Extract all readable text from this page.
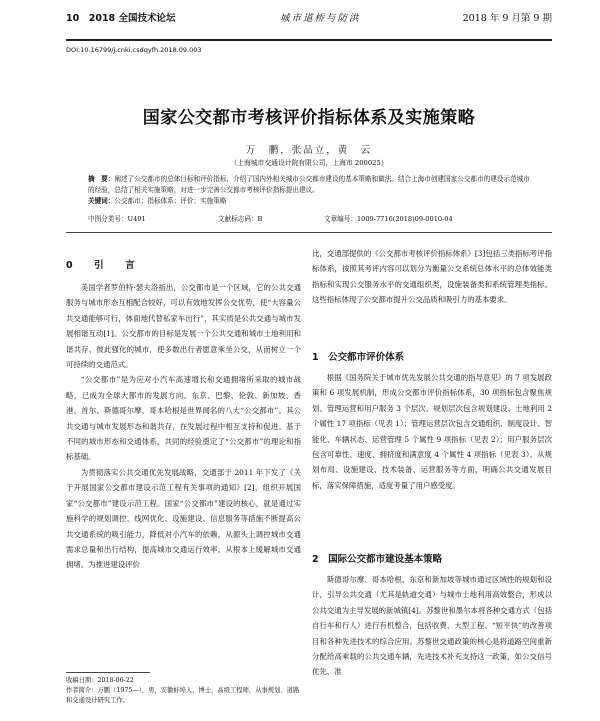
10　2018 全国技术论坛	城市道桥与防洪	2018 年 9 月第 9 期
DOI:10.16799/j.cnki.csdqyfh.2018.09.003
国家公交都市考核评价指标体系及实施策略
万　鹏，张品立，黄　云
（上海城市交通设计院有限公司，上海市 200025）
摘　要：阐述了公交都市的总体目标和评价指标，介绍了国内外相关城市公交都市建设的基本策略和做法。结合上海市创建国家公交都市的建设示范城市的经验，总结了相关实施策略，对进一步完善公交都市考核评价指标提出建议。
关键词：公交都市；指标体系；评价；实施策略
中图分类号：U491	文献标志码：B	文章编号：1009-7716(2018)09-0010-04
0　引　言

美国学者罗伯特·瑟夫洛指出，公交都市是一个区域，它的公共交通服务与城市形态互相配合较好，可以有效地发挥公交优势，使“大容量公共交通能够可行，体面地代替私家车出行”，其实质是公共交通与城市发展相谐互动[1]。公交都市的目标是发展一个公共交通和城市土地利用和谐共存、彼此强化的城市，使多数出行者愿意乘坐公交，从而树立一个可持续的交通范式。

“公交都市”是为应对小汽车高速增长和交通拥堵所采取的城市战略，已成为全球大都市的发展方向。东京、巴黎、伦敦、新加坡、香港、首尔、斯德哥尔摩、哥本哈根是世界闻名的八大“公交都市”。其公共交通与城市发展形态和谐共存，在发展过程中相互支持和促进。基于不同的城市形态和交通体系，共同的经验奠定了“公交都市”的理论和指标基础。

为贯彻落实公共交通优先发展战略，交通部于 2011 年下发了《关于开展国家公交都市建设示范工程有关事项的通知》[2]，组织开展国家“公交都市”建设示范工程。国家“公交都市”建设的核心，就是通过实施科学的规划调控、线网优化、设施建设、信息服务等措施不断提高公共交通系统的吸引能力，降低对小汽车的依赖，从源头上调控城市交通需求总量和出行结构，提高城市交通运行效率。从根本上缓解城市交通拥堵。为推进建设评价

比，交通部提供的《公交都市考核评价指标体系》[3]包括三类指标考评指标体系，按照其考评内容可以划分为衡量公交系统总体水平的总体效能类指标和实现公交服务水平的交通组织类，设施装备类和系统管理类指标。这些指标体现了公交都市提升公交品质和吸引力的基本要求。

1　公交都市评价体系

根据《国务院关于城市优先发展公共交通的指导意见》的 7 项发展政策和 6 项发展机制，形成公交都市评价指标体系，30 项指标包含聚焦规划、管理运营和用户服务 3 个层次。规划层次包含规划建设、土地利用 2 个属性 17 项指标（见表 1）；管理运营层次包含交通组织、制度设计、智能化、车辆状态、运营管理 5 个属性 9 项指标（见表 2）；用户服务层次包含可靠性、速度、拥挤度和满意度 4 个属性 4 项指标（见表 3）。从规划布局、设施建设、技术装备、运营服务等方面，明确公共交通发展目标，落实保障措施，适度考量了用户感受度。

2　国际公交都市建设基本策略

斯德哥尔摩、哥本哈根、东京和新加坡等城市通过区域性的规划和设计，引导公共交通（尤其是轨道交通）与城市土地利用高效整合，形成以公共交通为主导发展的新城镇[4]。苏黎世和墨尔本将各种交通方式（包括自行车和行人）进行有机整合，包括收费、大型工程、“短平快”的改善项目和各种先进技术的综合应用。苏黎世交通政策的核心是将道路空间重新分配给高乘载的公共交通车辆，先进技术补充支持这一政策，如公交信号优先、准

收稿日期：2018-06-22

作者简介：万鹏（1975—），男，安徽蚌埠人，博士，高级工程师，从事规划、道路和交通设计研究工作。
